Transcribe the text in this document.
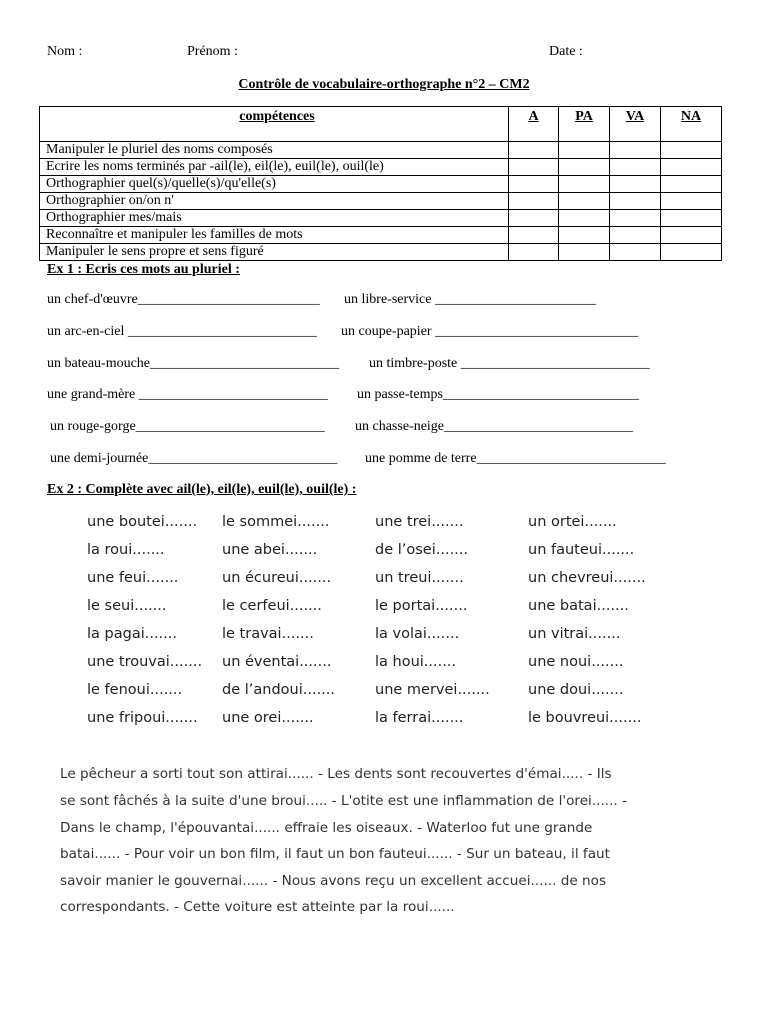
Nom :	Prénom :	Date :
Contrôle de vocabulaire-orthographe n°2 – CM2
compétences	A	PA	VA	NA
Manipuler le pluriel des noms composés				
Ecrire les noms terminés par -ail(le), eil(le), euil(le), ouil(le)				
Orthographier quel(s)/quelle(s)/qu'elle(s)				
Orthographier on/on n'				
Orthographier mes/mais				
Reconnaître et manipuler les familles de mots				
Manipuler le sens propre et sens figuré				
Ex 1 : Ecris ces mots au pluriel :
un chef-d'œuvre__________________________ un libre-service _______________________
un arc-en-ciel ___________________________ un coupe-papier _____________________________
un bateau-mouche___________________________ un timbre-poste ___________________________
une grand-mère ___________________________ un passe-temps____________________________
un rouge-gorge___________________________ un chasse-neige___________________________
une demi-journée___________________________ une pomme de terre___________________________
Ex 2 : Complète avec ail(le), eil(le), euil(le), ouil(le) :
une boutei....... le sommei.......	une trei.......	un ortei.......
la roui.......	une abei.......	de l’osei.......	un fauteui.......
une feui.......	un écureui.......	un treui.......	un chevreui.......
le seui.......	le cerfeui.......	le portai.......	une batai.......
la pagai.......	le travai.......	la volai.......	un vitrai.......
une trouvai....... un éventai.......	la houi.......	une noui.......
le fenoui.......	de l’andoui.......	une mervei.......	une doui.......
une fripoui....... une orei.......	la ferrai.......	le bouvreui.......
Le pêcheur a sorti tout son attirai...... - Les dents sont recouvertes d'émai..... - Ils
se sont fâchés à la suite d'une broui..... - L'otite est une inflammation de l'orei...... -
Dans le champ, l'épouvantai...... effraie les oiseaux. - Waterloo fut une grande
batai...... - Pour voir un bon film, il faut un bon fauteui...... - Sur un bateau, il faut
savoir manier le gouvernai...... - Nous avons reçu un excellent accuei...... de nos
correspondants. - Cette voiture est atteinte par la roui......
